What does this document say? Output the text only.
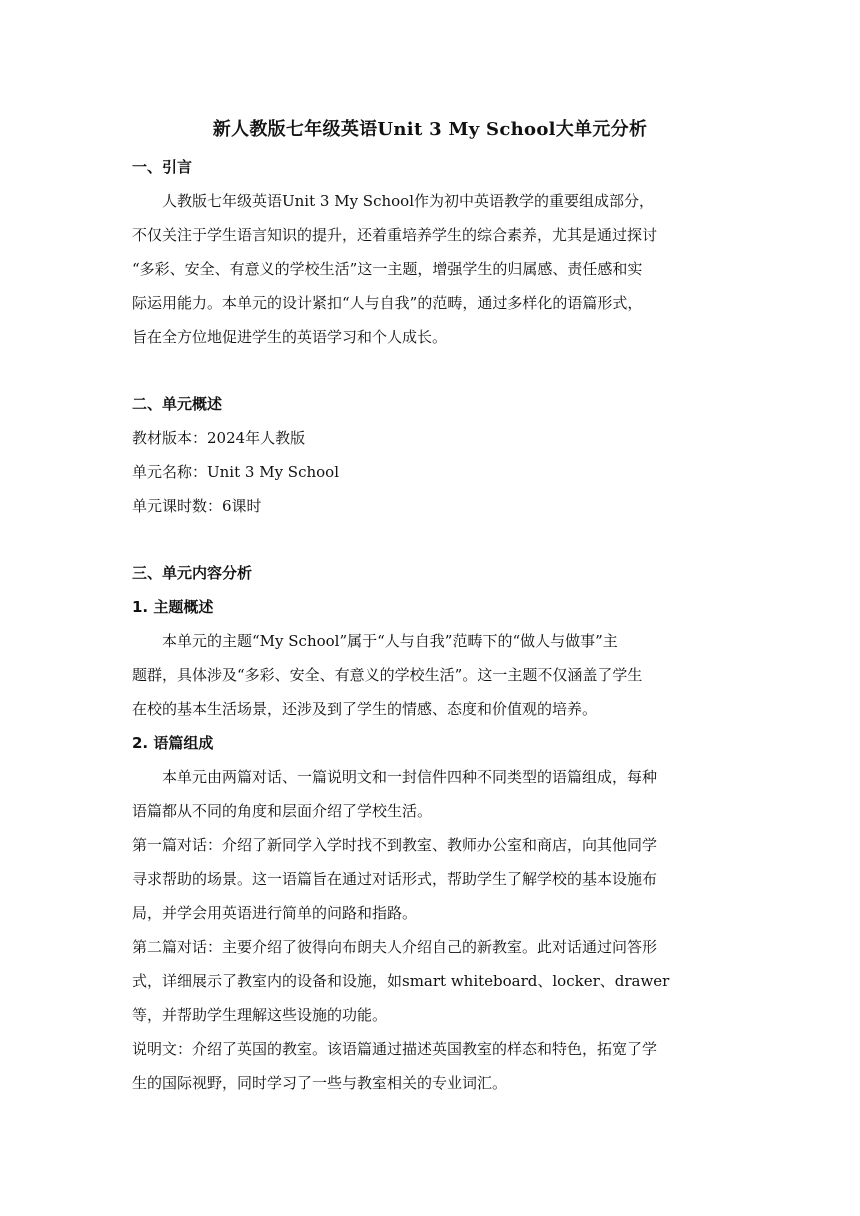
新人教版七年级英语Unit 3 My School大单元分析
一、引言
人教版七年级英语Unit 3 My School作为初中英语教学的重要组成部分，
不仅关注于学生语言知识的提升，还着重培养学生的综合素养，尤其是通过探讨
“多彩、安全、有意义的学校生活”这一主题，增强学生的归属感、责任感和实
际运用能力。本单元的设计紧扣“人与自我”的范畴，通过多样化的语篇形式，
旨在全方位地促进学生的英语学习和个人成长。
二、单元概述
教材版本：2024年人教版
单元名称：Unit 3 My School
单元课时数：6课时
三、单元内容分析
1. 主题概述
本单元的主题“My School”属于“人与自我”范畴下的“做人与做事”主
题群，具体涉及“多彩、安全、有意义的学校生活”。这一主题不仅涵盖了学生
在校的基本生活场景，还涉及到了学生的情感、态度和价值观的培养。
2. 语篇组成
本单元由两篇对话、一篇说明文和一封信件四种不同类型的语篇组成，每种
语篇都从不同的角度和层面介绍了学校生活。
第一篇对话：介绍了新同学入学时找不到教室、教师办公室和商店，向其他同学
寻求帮助的场景。这一语篇旨在通过对话形式，帮助学生了解学校的基本设施布
局，并学会用英语进行简单的问路和指路。
第二篇对话：主要介绍了彼得向布朗夫人介绍自己的新教室。此对话通过问答形
式，详细展示了教室内的设备和设施，如smart whiteboard、locker、drawer
等，并帮助学生理解这些设施的功能。
说明文：介绍了英国的教室。该语篇通过描述英国教室的样态和特色，拓宽了学
生的国际视野，同时学习了一些与教室相关的专业词汇。
